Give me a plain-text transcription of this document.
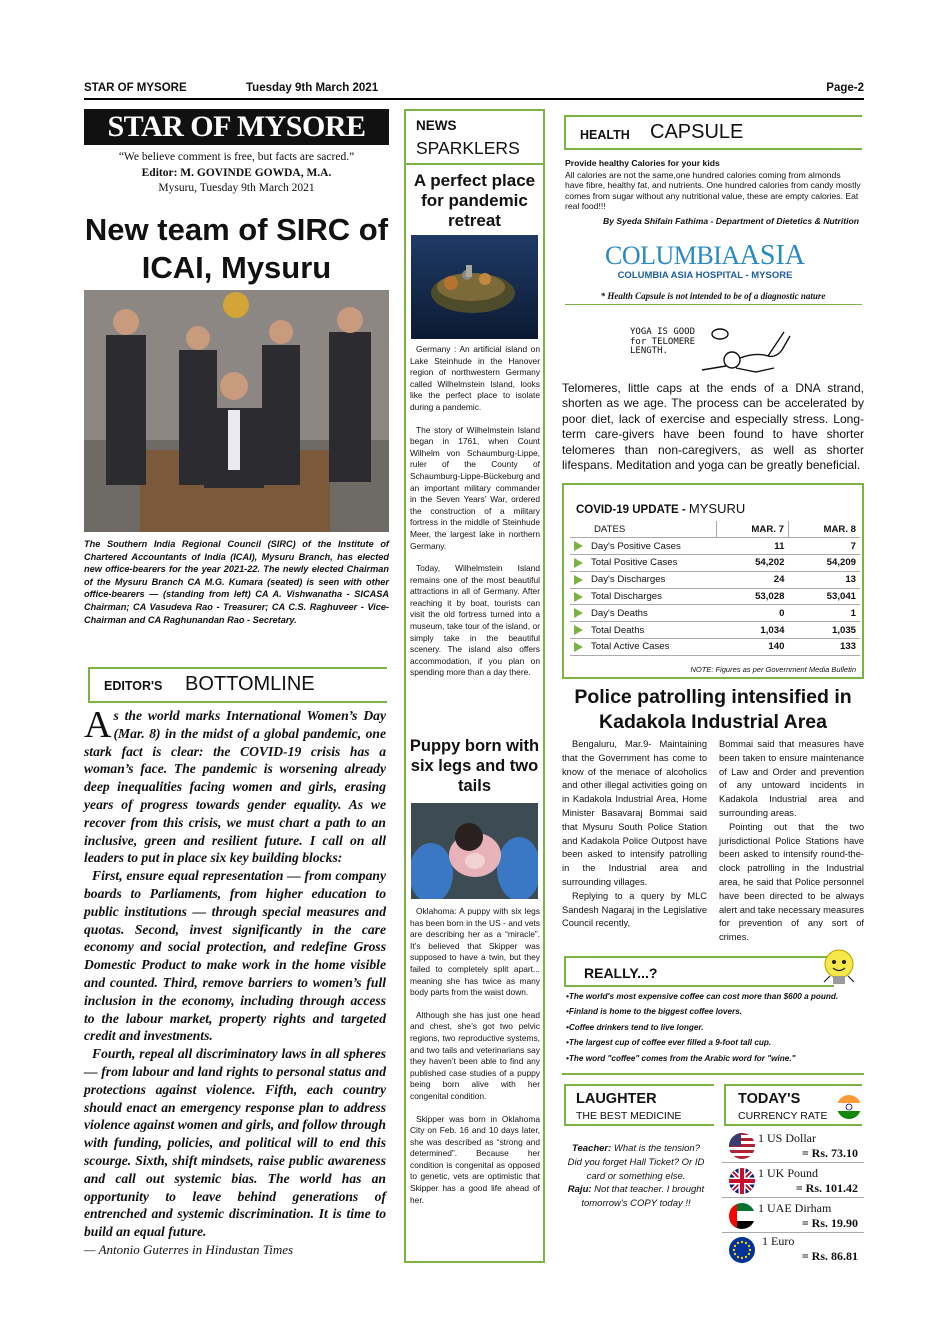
STAR OF MYSORE	Tuesday 9th March 2021	Page-2
STAR OF MYSORE
“We believe comment is free, but facts are sacred.”
Editor: M. GOVINDE GOWDA, M.A.
Mysuru, Tuesday 9th March 2021
New team of SIRC of ICAI, Mysuru
The Southern India Regional Council (SIRC) of the Institute of Chartered Accountants of India (ICAI), Mysuru Branch, has elected new office-bearers for the year 2021-22. The newly elected Chairman of the Mysuru Branch CA M.G. Kumara (seated) is seen with other office-bearers — (standing from left) CA A. Vishwanatha - SICASA Chairman; CA Vasudeva Rao - Treasurer; CA C.S. Raghuveer - Vice-Chairman and CA Raghunandan Rao - Secretary.
EDITOR'S BOTTOMLINE

As the world marks International Women’s Day (Mar. 8) in the midst of a global pandemic, one stark fact is clear: the COVID-19 crisis has a woman’s face. The pandemic is worsening already deep inequalities facing women and girls, erasing years of progress towards gender equality. As we recover from this crisis, we must chart a path to an inclusive, green and resilient future. I call on all leaders to put in place six key building blocks:

First, ensure equal representation — from company boards to Parliaments, from higher education to public institutions — through special measures and quotas. Second, invest significantly in the care economy and social protection, and redefine Gross Domestic Product to make work in the home visible and counted. Third, remove barriers to women’s full inclusion in the economy, including through access to the labour market, property rights and targeted credit and investments.

Fourth, repeal all discriminatory laws in all spheres — from labour and land rights to personal status and protections against violence. Fifth, each country should enact an emergency response plan to address violence against women and girls, and follow through with funding, policies, and political will to end this scourge. Sixth, shift mindsets, raise public awareness and call out systemic bias. The world has an opportunity to leave behind generations of entrenched and systemic discrimination. It is time to build an equal future.

— Antonio Guterres in Hindustan Times

NEWS
SPARKLERS
A perfect place for pandemic retreat

Germany : An artificial island on Lake Steinhude in the Hanover region of northwestern Germany called Wilhelmstein Island, looks like the perfect place to isolate during a pandemic.

The story of Wilhelmstein Island began in 1761, when Count Wilhelm von Schaumburg-Lippe, ruler of the County of Schaumburg-Lippe-Bückeburg and an important military commander in the Seven Years’ War, ordered the construction of a military fortress in the middle of Steinhude Meer, the largest lake in northern Germany.

Today, Wilhelmstein Island remains one of the most beautiful attractions in all of Germany. After reaching it by boat, tourists can visit the old fortress turned into a museum, take tour of the island, or simply take in the beautiful scenery. The island also offers accommodation, if you plan on spending more than a day there.

Puppy born with six legs and two tails

Oklahoma: A puppy with six legs has been born in the US - and vets are describing her as a “miracle”. It’s believed that Skipper was supposed to have a twin, but they failed to completely split apart... meaning she has twice as many body parts from the waist down.

Although she has just one head and chest, she’s got two pelvic regions, two reproductive systems, and two tails and veterinarians say they haven’t been able to find any published case studies of a puppy being born alive with her congenital condition.

Skipper was born in Oklahoma City on Feb. 16 and 10 days later, she was described as “strong and determined”. Because her condition is congenital as opposed to genetic, vets are optimistic that Skipper has a good life ahead of her.

HEALTH CAPSULE
Provide healthy Calories for your kids
All calories are not the same,one hundred calories coming from almonds have fibre, healthy fat, and nutrients. One hundred calories from candy mostly comes from sugar without any nutritional value, these are empty calories. Eat real food!!!
By Syeda Shifain Fathima - Department of Dietetics & Nutrition
COLUMBIAASIA
COLUMBIA ASIA HOSPITAL - MYSORE
* Health Capsule is not intended to be of a diagnostic nature
YOGA IS GOOD for TELOMERE LENGTH.
Telomeres, little caps at the ends of a DNA strand, shorten as we age. The process can be accelerated by poor diet, lack of exercise and especially stress. Long-term care-givers have been found to have shorter telomeres than non-caregivers, as well as shorter lifespans. Meditation and yoga can be greatly beneficial.
COVID-19 UPDATE - MYSURU
DATES	MAR. 7	MAR. 8
Day's Positive Cases	11	7
Total Positive Cases	54,202	54,209
Day's Discharges	24	13
Total Discharges	53,028	53,041
Day's Deaths	0	1
Total Deaths	1,034	1,035
Total Active Cases	140	133
NOTE: Figures as per Government Media Bulletin
Police patrolling intensified in Kadakola Industrial Area

Bengaluru, Mar.9- Maintaining that the Government has come to know of the menace of alcoholics and other illegal activities going on in Kadakola Industrial Area, Home Minister Basavaraj Bommai said that Mysuru South Police Station and Kadakola Police Outpost have been asked to intensify patrolling in the Industrial area and surrounding villages.

Replying to a query by MLC Sandesh Nagaraj in the Legislative Council recently,

Bommai said that measures have been taken to ensure maintenance of Law and Order and prevention of any untoward incidents in Kadakola Industrial area and surrounding areas.

Pointing out that the two jurisdictional Police Stations have been asked to intensify round-the-clock patrolling in the Industrial area, he said that Police personnel have been directed to be always alert and take necessary measures for prevention of any sort of crimes.

REALLY...?
• The world's most expensive coffee can cost more than $600 a pound.
• Finland is home to the biggest coffee lovers.
• Coffee drinkers tend to live longer.
• The largest cup of coffee ever filled a 9-foot tall cup.
• The word "coffee" comes from the Arabic word for "wine."
LAUGHTER
THE BEST MEDICINE

Teacher: What is the tension? Did you forget Hall Ticket? Or ID card or something else.

Raju: Not that teacher. I brought tomorrow's COPY today !!

TODAY'S
CURRENCY RATE
1 US Dollar
= Rs. 73.10
1 UK Pound
= Rs. 101.42
1 UAE Dirham
= Rs. 19.90
1 Euro
= Rs. 86.81
